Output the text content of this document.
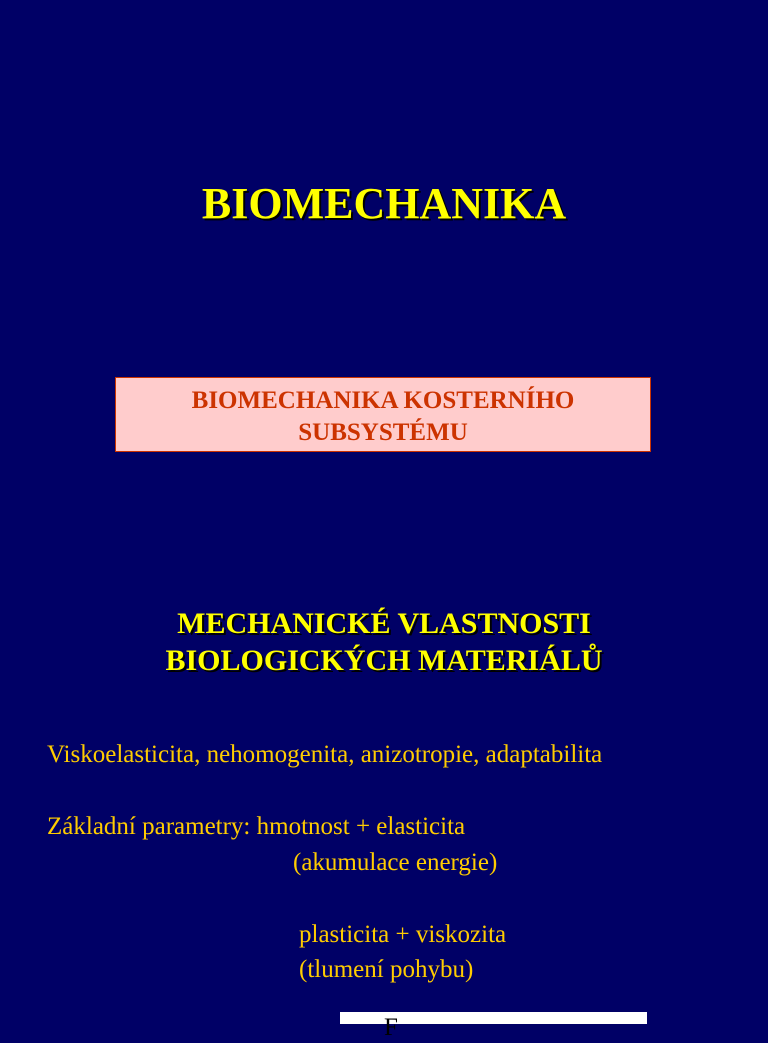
BIOMECHANIKA
BIOMECHANIKA KOSTERNÍHO
SUBSYSTÉMU
MECHANICKÉ VLASTNOSTI
BIOLOGICKÝCH MATERIÁLŮ
Viskoelasticita, nehomogenita, anizotropie, adaptabilita
Základní parametry: hmotnost + elasticita
(akumulace energie)
plasticita + viskozita
(tlumení pohybu)
F
